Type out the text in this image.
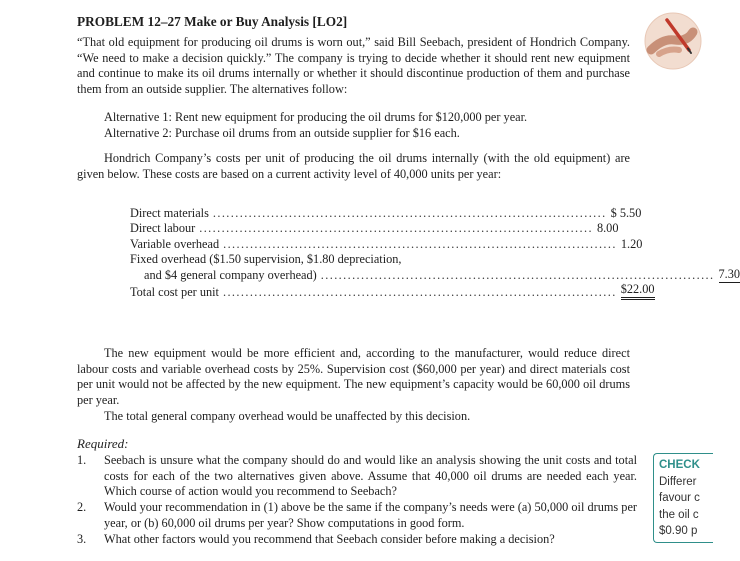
PROBLEM 12–27 Make or Buy Analysis [LO2]
“That old equipment for producing oil drums is worn out,” said Bill Seebach, president of Hondrich Company. “We need to make a decision quickly.” The company is trying to decide whether it should rent new equipment and continue to make its oil drums internally or whether it should discontinue production of them and purchase them from an outside supplier. The alternatives follow:
Alternative 1: Rent new equipment for producing the oil drums for $120,000 per year.
Alternative 2: Purchase oil drums from an outside supplier for $16 each.
Hondrich Company’s costs per unit of producing the oil drums internally (with the old equipment) are given below. These costs are based on a current activity level of 40,000 units per year:
Direct materials ........................................................................................ $ 5.50
Direct labour ........................................................................................ 8.00
Variable overhead ........................................................................................ 1.20
Fixed overhead ($1.50 supervision, $1.80 depreciation,
and $4 general company overhead) ........................................................................................ 7.30
Total cost per unit ........................................................................................ $22.00
The new equipment would be more efficient and, according to the manufacturer, would reduce direct labour costs and variable overhead costs by 25%. Supervision cost ($60,000 per year) and direct materials cost per unit would not be affected by the new equipment. The new equipment’s capacity would be 60,000 oil drums per year.
The total general company overhead would be unaffected by this decision.
Required:
1. Seebach is unsure what the company should do and would like an analysis showing the unit costs and total costs for each of the two alternatives given above. Assume that 40,000 oil drums are needed each year. Which course of action would you recommend to Seebach?
2. Would your recommendation in (1) above be the same if the company’s needs were (a) 50,000 oil drums per year, or (b) 60,000 oil drums per year? Show computations in good form.
3. What other factors would you recommend that Seebach consider before making a decision?
CHECK
Differer
favour c
the oil c
$0.90 p
